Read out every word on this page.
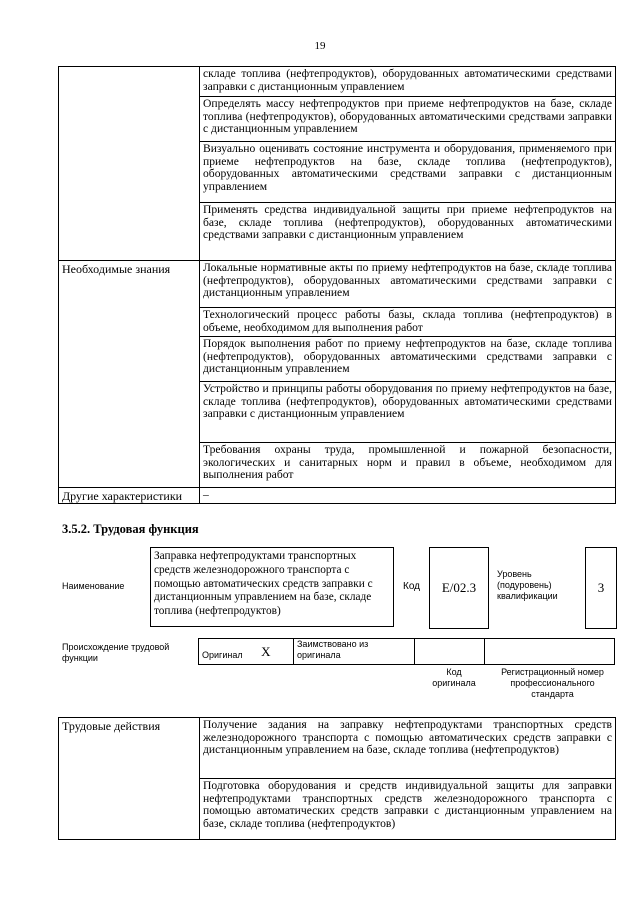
19
	складе топлива (нефтепродуктов), оборудованных автоматическими средствами заправки с дистанционным управлением
	Определять массу нефтепродуктов при приеме нефтепродуктов на базе, складе топлива (нефтепродуктов), оборудованных автоматическими средствами заправки с дистанционным управлением
	Визуально оценивать состояние инструмента и оборудования, применяемого при приеме нефтепродуктов на базе, складе топлива (нефтепродуктов), оборудованных автоматическими средствами заправки с дистанционным управлением
	Применять средства индивидуальной защиты при приеме нефтепродуктов на базе, складе топлива (нефтепродуктов), оборудованных автоматическими средствами заправки с дистанционным управлением
Необходимые знания	Локальные нормативные акты по приему нефтепродуктов на базе, складе топлива (нефтепродуктов), оборудованных автоматическими средствами заправки с дистанционным управлением
	Технологический процесс работы базы, склада топлива (нефтепродуктов) в объеме, необходимом для выполнения работ
	Порядок выполнения работ по приему нефтепродуктов на базе, складе топлива (нефтепродуктов), оборудованных автоматическими средствами заправки с дистанционным управлением
	Устройство и принципы работы оборудования по приему нефтепродуктов на базе, складе топлива (нефтепродуктов), оборудованных автоматическими средствами заправки с дистанционным управлением
	Требования охраны труда, промышленной и пожарной безопасности, экологических и санитарных норм и правил в объеме, необходимом для выполнения работ
Другие характеристики	–
3.5.2. Трудовая функция
Наименование
Заправка нефтепродуктами транспортных средств железнодорожного транспорта с помощью автоматических средств заправки с дистанционным управлением на базе, складе топлива (нефтепродуктов)
Код	E/02.3
Уровень (подуровень) квалификации
3
Происхождение трудовой функции	Оригинал X	Заимствовано из оригинала		
Код оригинала
Регистрационный номер профессионального стандарта
Трудовые действия	Получение задания на заправку нефтепродуктами транспортных средств железнодорожного транспорта с помощью автоматических средств заправки с дистанционным управлением на базе, складе топлива (нефтепродуктов)
	Подготовка оборудования и средств индивидуальной защиты для заправки нефтепродуктами транспортных средств железнодорожного транспорта с помощью автоматических средств заправки с дистанционным управлением на базе, складе топлива (нефтепродуктов)
